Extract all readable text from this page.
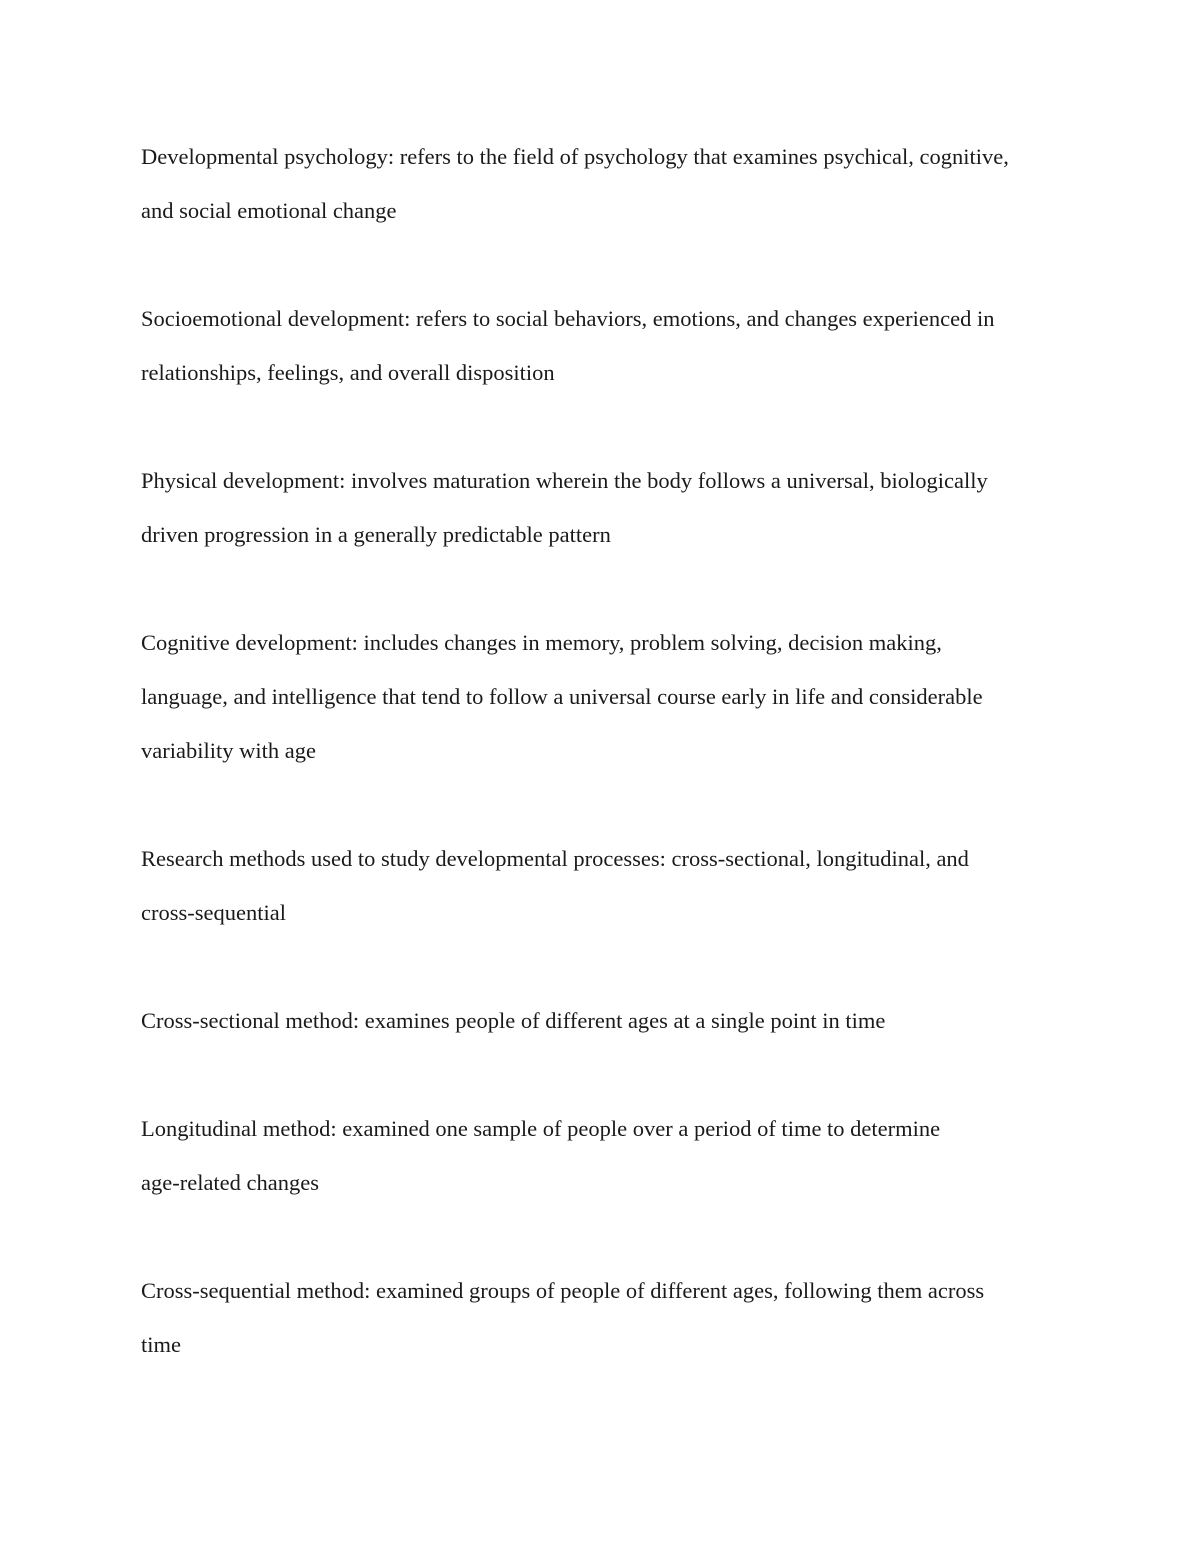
Developmental psychology: refers to the field of psychology that examines psychical, cognitive,
and social emotional change
Socioemotional development: refers to social behaviors, emotions, and changes experienced in
relationships, feelings, and overall disposition
Physical development: involves maturation wherein the body follows a universal, biologically
driven progression in a generally predictable pattern
Cognitive development: includes changes in memory, problem solving, decision making,
language, and intelligence that tend to follow a universal course early in life and considerable
variability with age
Research methods used to study developmental processes: cross-sectional, longitudinal, and
cross-sequential
Cross-sectional method: examines people of different ages at a single point in time
Longitudinal method: examined one sample of people over a period of time to determine
age-related changes
Cross-sequential method: examined groups of people of different ages, following them across
time
